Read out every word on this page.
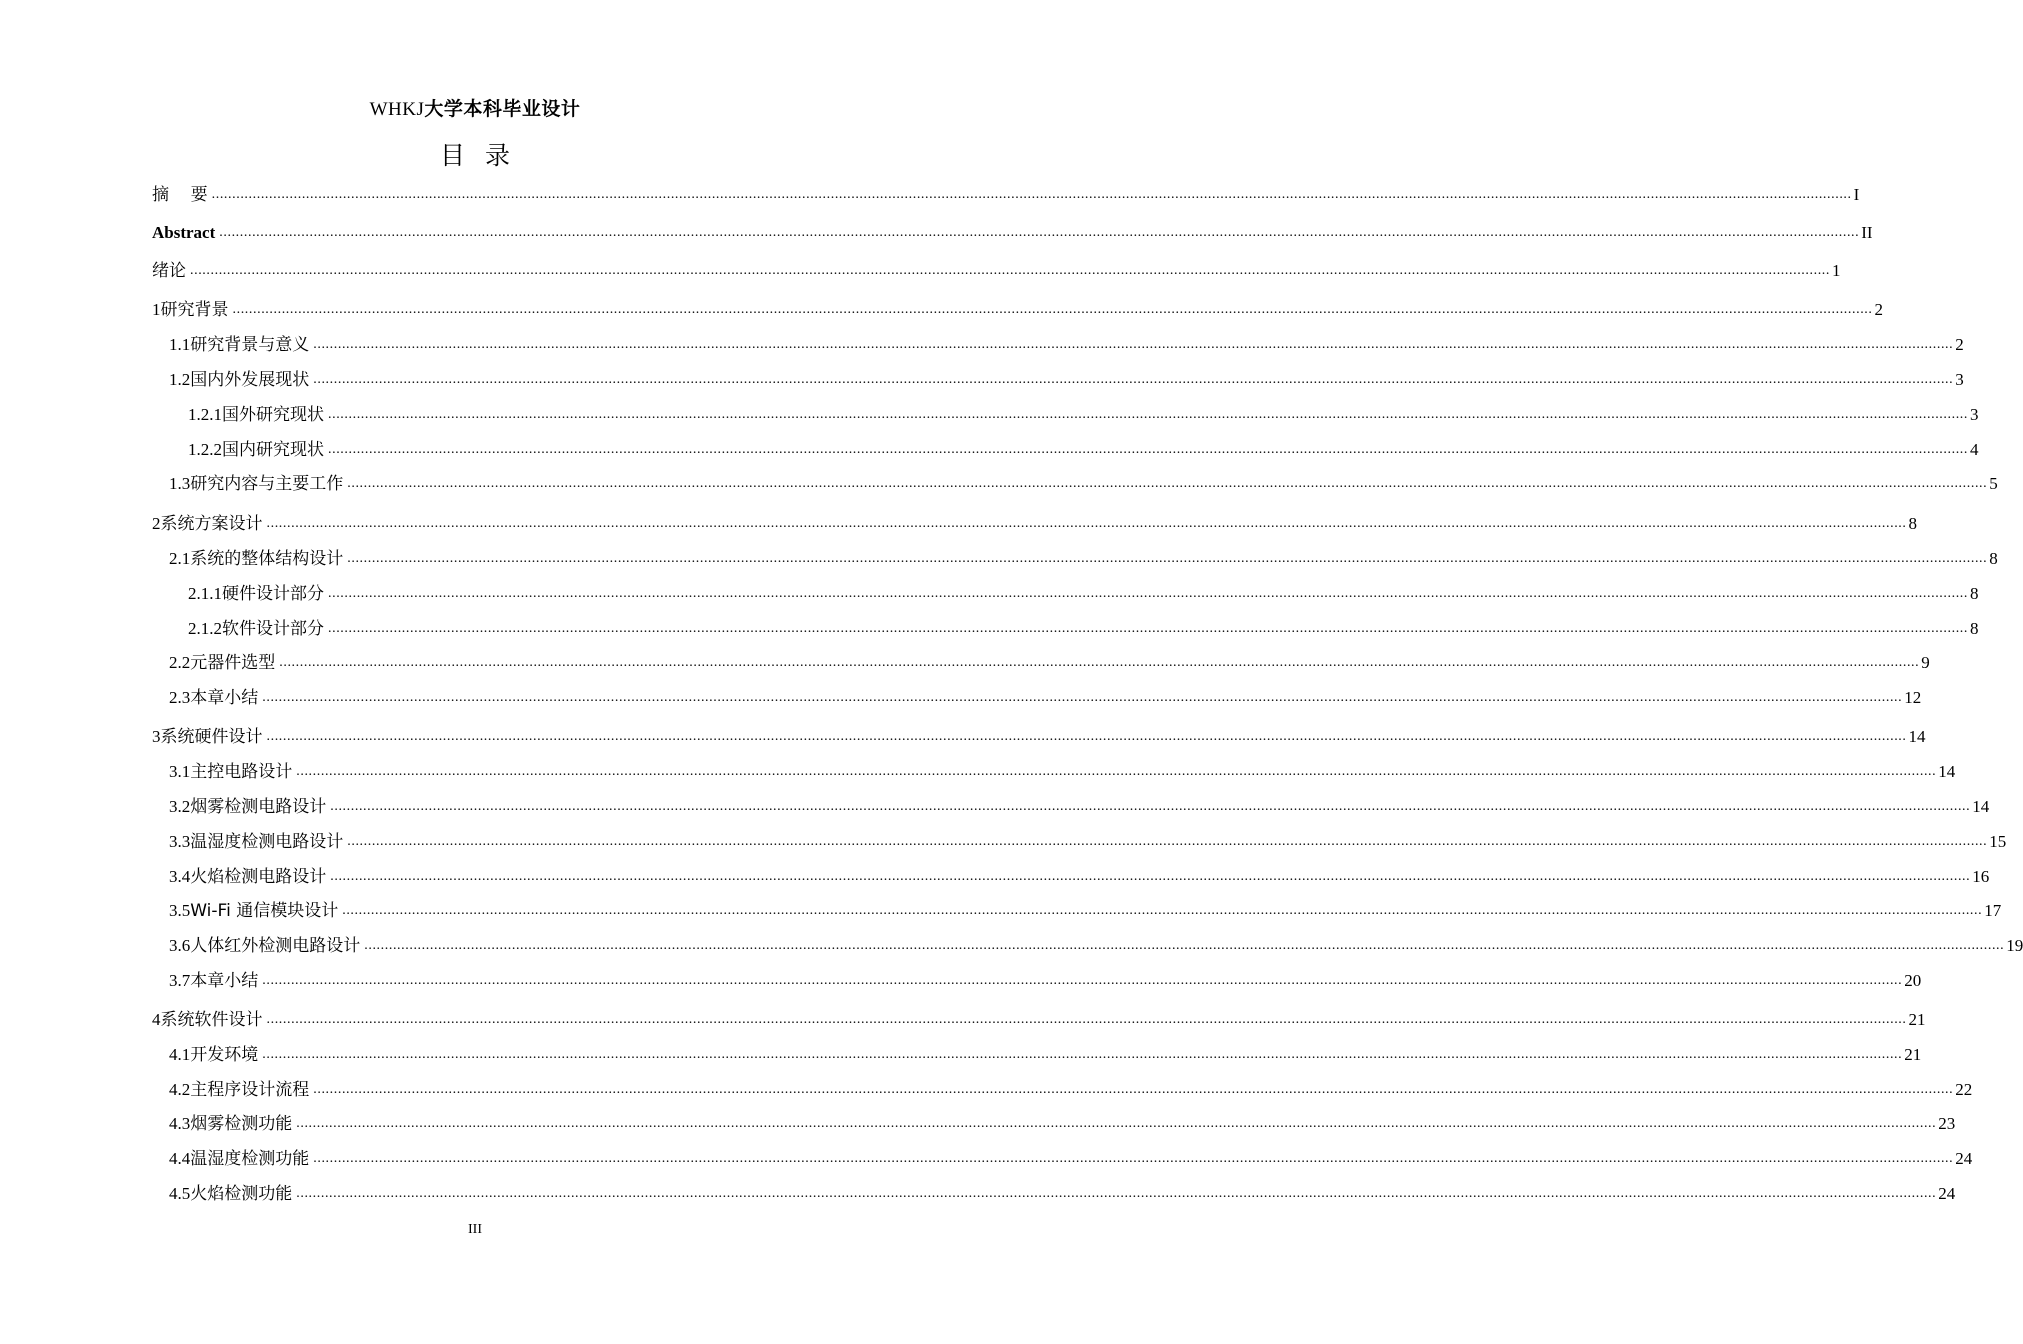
WHKJ大学本科毕业设计
目录
摘    要 ................................................................................................................................................................................................................................................................................................................................................................................................................ I
Abstract ................................................................................................................................................................................................................................................................................................................................................................................................................ II
绪论 ................................................................................................................................................................................................................................................................................................................................................................................................................ 1
1 研究背景 ................................................................................................................................................................................................................................................................................................................................................................................................................ 2
1.1 研究背景与意义 ................................................................................................................................................................................................................................................................................................................................................................................................................ 2
1.2 国内外发展现状 ................................................................................................................................................................................................................................................................................................................................................................................................................ 3
1.2.1 国外研究现状 ................................................................................................................................................................................................................................................................................................................................................................................................................ 3
1.2.2 国内研究现状 ................................................................................................................................................................................................................................................................................................................................................................................................................ 4
1.3 研究内容与主要工作 ................................................................................................................................................................................................................................................................................................................................................................................................................ 5
2 系统方案设计 ................................................................................................................................................................................................................................................................................................................................................................................................................ 8
2.1 系统的整体结构设计 ................................................................................................................................................................................................................................................................................................................................................................................................................ 8
2.1.1 硬件设计部分 ................................................................................................................................................................................................................................................................................................................................................................................................................ 8
2.1.2 软件设计部分 ................................................................................................................................................................................................................................................................................................................................................................................................................ 8
2.2 元器件选型 ................................................................................................................................................................................................................................................................................................................................................................................................................ 9
2.3 本章小结 ................................................................................................................................................................................................................................................................................................................................................................................................................ 12
3 系统硬件设计 ................................................................................................................................................................................................................................................................................................................................................................................................................ 14
3.1 主控电路设计 ................................................................................................................................................................................................................................................................................................................................................................................................................ 14
3.2 烟雾检测电路设计 ................................................................................................................................................................................................................................................................................................................................................................................................................ 14
3.3 温湿度检测电路设计 ................................................................................................................................................................................................................................................................................................................................................................................................................ 15
3.4 火焰检测电路设计 ................................................................................................................................................................................................................................................................................................................................................................................................................ 16
3.5 Wi-Fi 通信模块设计 ................................................................................................................................................................................................................................................................................................................................................................................................................ 17
3.6 人体红外检测电路设计 ................................................................................................................................................................................................................................................................................................................................................................................................................ 19
3.7 本章小结 ................................................................................................................................................................................................................................................................................................................................................................................................................ 20
4 系统软件设计 ................................................................................................................................................................................................................................................................................................................................................................................................................ 21
4.1 开发环境 ................................................................................................................................................................................................................................................................................................................................................................................................................ 21
4.2 主程序设计流程 ................................................................................................................................................................................................................................................................................................................................................................................................................ 22
4.3 烟雾检测功能 ................................................................................................................................................................................................................................................................................................................................................................................................................ 23
4.4 温湿度检测功能 ................................................................................................................................................................................................................................................................................................................................................................................................................ 24
4.5 火焰检测功能 ................................................................................................................................................................................................................................................................................................................................................................................................................ 24
III
